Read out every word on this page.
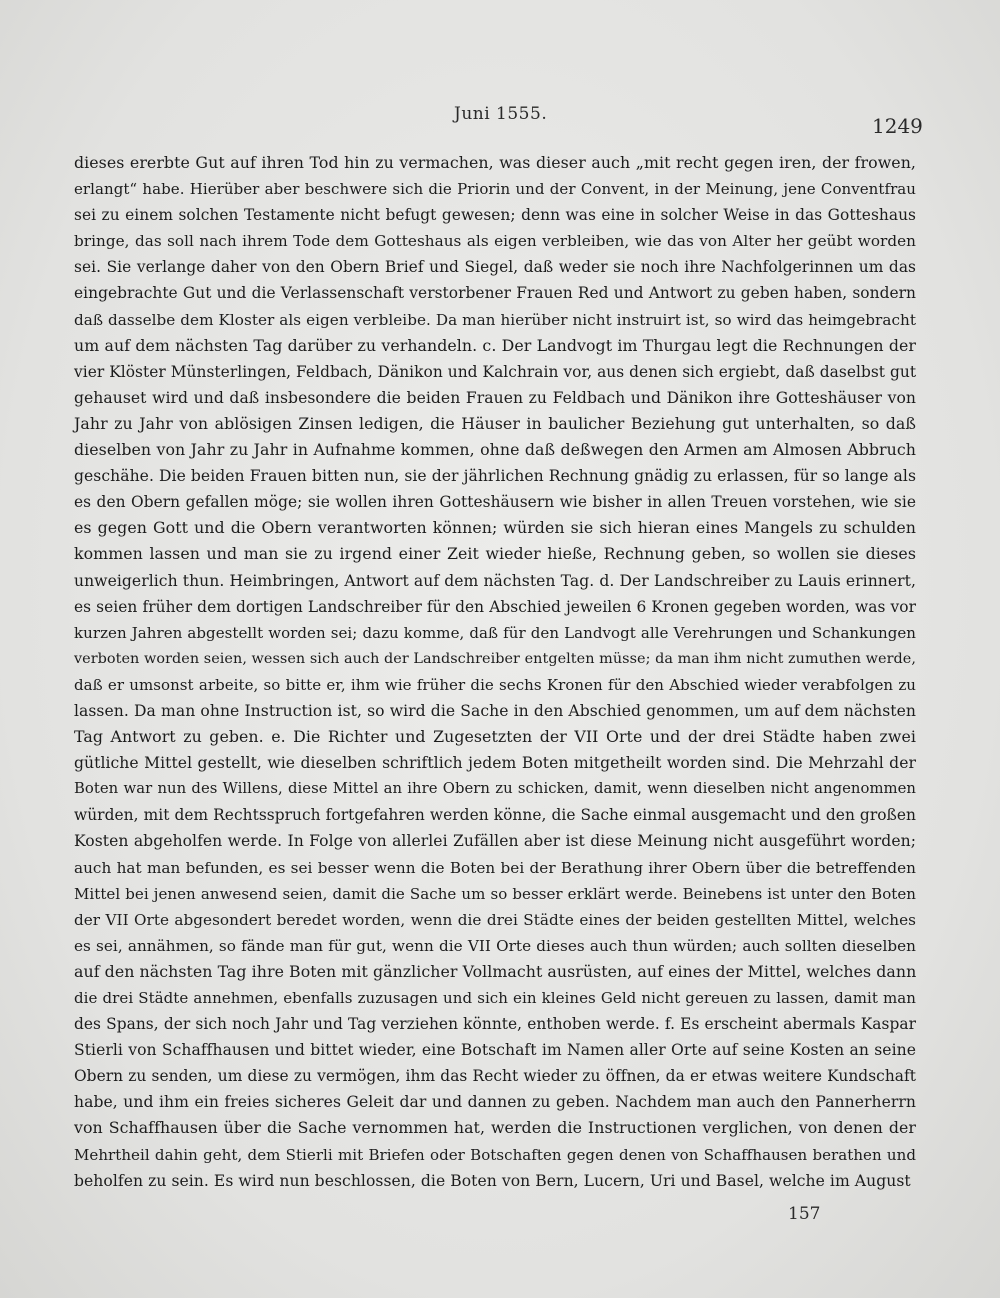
Juni 1555.	1249
dieses ererbte Gut auf ihren Tod hin zu vermachen, was dieser auch „mit recht gegen iren, der frowen,
erlangt“ habe. Hierüber aber beschwere sich die Priorin und der Convent, in der Meinung, jene Conventfrau
sei zu einem solchen Testamente nicht befugt gewesen; denn was eine in solcher Weise in das Gotteshaus
bringe, das soll nach ihrem Tode dem Gotteshaus als eigen verbleiben, wie das von Alter her geübt worden
sei. Sie verlange daher von den Obern Brief und Siegel, daß weder sie noch ihre Nachfolgerinnen um das
eingebrachte Gut und die Verlassenschaft verstorbener Frauen Red und Antwort zu geben haben, sondern
daß dasselbe dem Kloster als eigen verbleibe. Da man hierüber nicht instruirt ist, so wird das heimgebracht
um auf dem nächsten Tag darüber zu verhandeln. c. Der Landvogt im Thurgau legt die Rechnungen der
vier Klöster Münsterlingen, Feldbach, Dänikon und Kalchrain vor, aus denen sich ergiebt, daß daselbst gut
gehauset wird und daß insbesondere die beiden Frauen zu Feldbach und Dänikon ihre Gotteshäuser von
Jahr zu Jahr von ablösigen Zinsen ledigen, die Häuser in baulicher Beziehung gut unterhalten, so daß
dieselben von Jahr zu Jahr in Aufnahme kommen, ohne daß deßwegen den Armen am Almosen Abbruch
geschähe. Die beiden Frauen bitten nun, sie der jährlichen Rechnung gnädig zu erlassen, für so lange als
es den Obern gefallen möge; sie wollen ihren Gotteshäusern wie bisher in allen Treuen vorstehen, wie sie
es gegen Gott und die Obern verantworten können; würden sie sich hieran eines Mangels zu schulden
kommen lassen und man sie zu irgend einer Zeit wieder hieße, Rechnung geben, so wollen sie dieses
unweigerlich thun. Heimbringen, Antwort auf dem nächsten Tag. d. Der Landschreiber zu Lauis erinnert,
es seien früher dem dortigen Landschreiber für den Abschied jeweilen 6 Kronen gegeben worden, was vor
kurzen Jahren abgestellt worden sei; dazu komme, daß für den Landvogt alle Verehrungen und Schankungen
verboten worden seien, wessen sich auch der Landschreiber entgelten müsse; da man ihm nicht zumuthen werde,
daß er umsonst arbeite, so bitte er, ihm wie früher die sechs Kronen für den Abschied wieder verabfolgen zu
lassen. Da man ohne Instruction ist, so wird die Sache in den Abschied genommen, um auf dem nächsten
Tag Antwort zu geben. e. Die Richter und Zugesetzten der VII Orte und der drei Städte haben zwei
gütliche Mittel gestellt, wie dieselben schriftlich jedem Boten mitgetheilt worden sind. Die Mehrzahl der
Boten war nun des Willens, diese Mittel an ihre Obern zu schicken, damit, wenn dieselben nicht angenommen
würden, mit dem Rechtsspruch fortgefahren werden könne, die Sache einmal ausgemacht und den großen
Kosten abgeholfen werde. In Folge von allerlei Zufällen aber ist diese Meinung nicht ausgeführt worden;
auch hat man befunden, es sei besser wenn die Boten bei der Berathung ihrer Obern über die betreffenden
Mittel bei jenen anwesend seien, damit die Sache um so besser erklärt werde. Beinebens ist unter den Boten
der VII Orte abgesondert beredet worden, wenn die drei Städte eines der beiden gestellten Mittel, welches
es sei, annähmen, so fände man für gut, wenn die VII Orte dieses auch thun würden; auch sollten dieselben
auf den nächsten Tag ihre Boten mit gänzlicher Vollmacht ausrüsten, auf eines der Mittel, welches dann
die drei Städte annehmen, ebenfalls zuzusagen und sich ein kleines Geld nicht gereuen zu lassen, damit man
des Spans, der sich noch Jahr und Tag verziehen könnte, enthoben werde. f. Es erscheint abermals Kaspar
Stierli von Schaffhausen und bittet wieder, eine Botschaft im Namen aller Orte auf seine Kosten an seine
Obern zu senden, um diese zu vermögen, ihm das Recht wieder zu öffnen, da er etwas weitere Kundschaft
habe, und ihm ein freies sicheres Geleit dar und dannen zu geben. Nachdem man auch den Pannerherrn
von Schaffhausen über die Sache vernommen hat, werden die Instructionen verglichen, von denen der
Mehrtheil dahin geht, dem Stierli mit Briefen oder Botschaften gegen denen von Schaffhausen berathen und
beholfen zu sein. Es wird nun beschlossen, die Boten von Bern, Lucern, Uri und Basel, welche im August
157
